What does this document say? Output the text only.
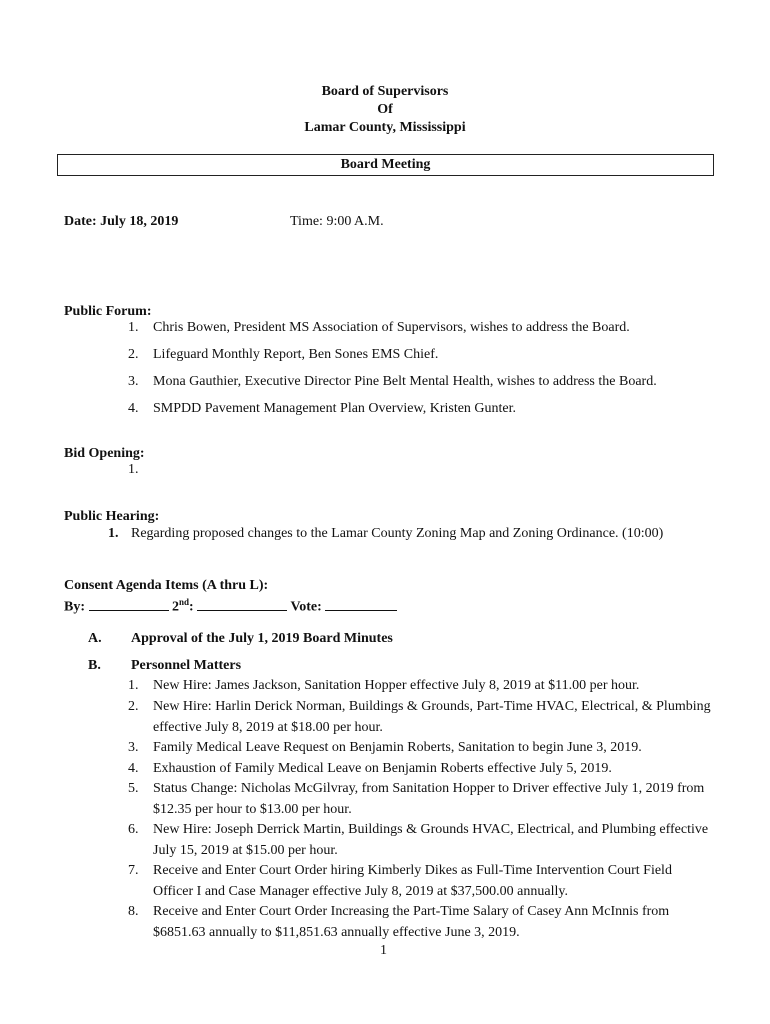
Board of Supervisors
Of
Lamar County, Mississippi
Board Meeting
Date: July 18, 2019	Time: 9:00 A.M.
Public Forum:
1. Chris Bowen, President MS Association of Supervisors, wishes to address the Board.
2. Lifeguard Monthly Report, Ben Sones EMS Chief.
3. Mona Gauthier, Executive Director Pine Belt Mental Health, wishes to address the Board.
4. SMPDD Pavement Management Plan Overview, Kristen Gunter.
Bid Opening:
1.
Public Hearing:
1. Regarding proposed changes to the Lamar County Zoning Map and Zoning Ordinance. (10:00)
Consent Agenda Items (A thru L):
By:	2nd:	Vote:
A. Approval of the July 1, 2019 Board Minutes
B. Personnel Matters
1. New Hire: James Jackson, Sanitation Hopper effective July 8, 2019 at $11.00 per hour.
2. New Hire: Harlin Derick Norman, Buildings & Grounds, Part-Time HVAC, Electrical, & Plumbing effective July 8, 2019 at $18.00 per hour.
3. Family Medical Leave Request on Benjamin Roberts, Sanitation to begin June 3, 2019.
4. Exhaustion of Family Medical Leave on Benjamin Roberts effective July 5, 2019.
5. Status Change: Nicholas McGilvray, from Sanitation Hopper to Driver effective July 1, 2019 from $12.35 per hour to $13.00 per hour.
6. New Hire: Joseph Derrick Martin, Buildings & Grounds HVAC, Electrical, and Plumbing effective July 15, 2019 at $15.00 per hour.
7. Receive and Enter Court Order hiring Kimberly Dikes as Full-Time Intervention Court Field Officer I and Case Manager effective July 8, 2019 at $37,500.00 annually.
8. Receive and Enter Court Order Increasing the Part-Time Salary of Casey Ann McInnis from $6851.63 annually to $11,851.63 annually effective June 3, 2019.
1
